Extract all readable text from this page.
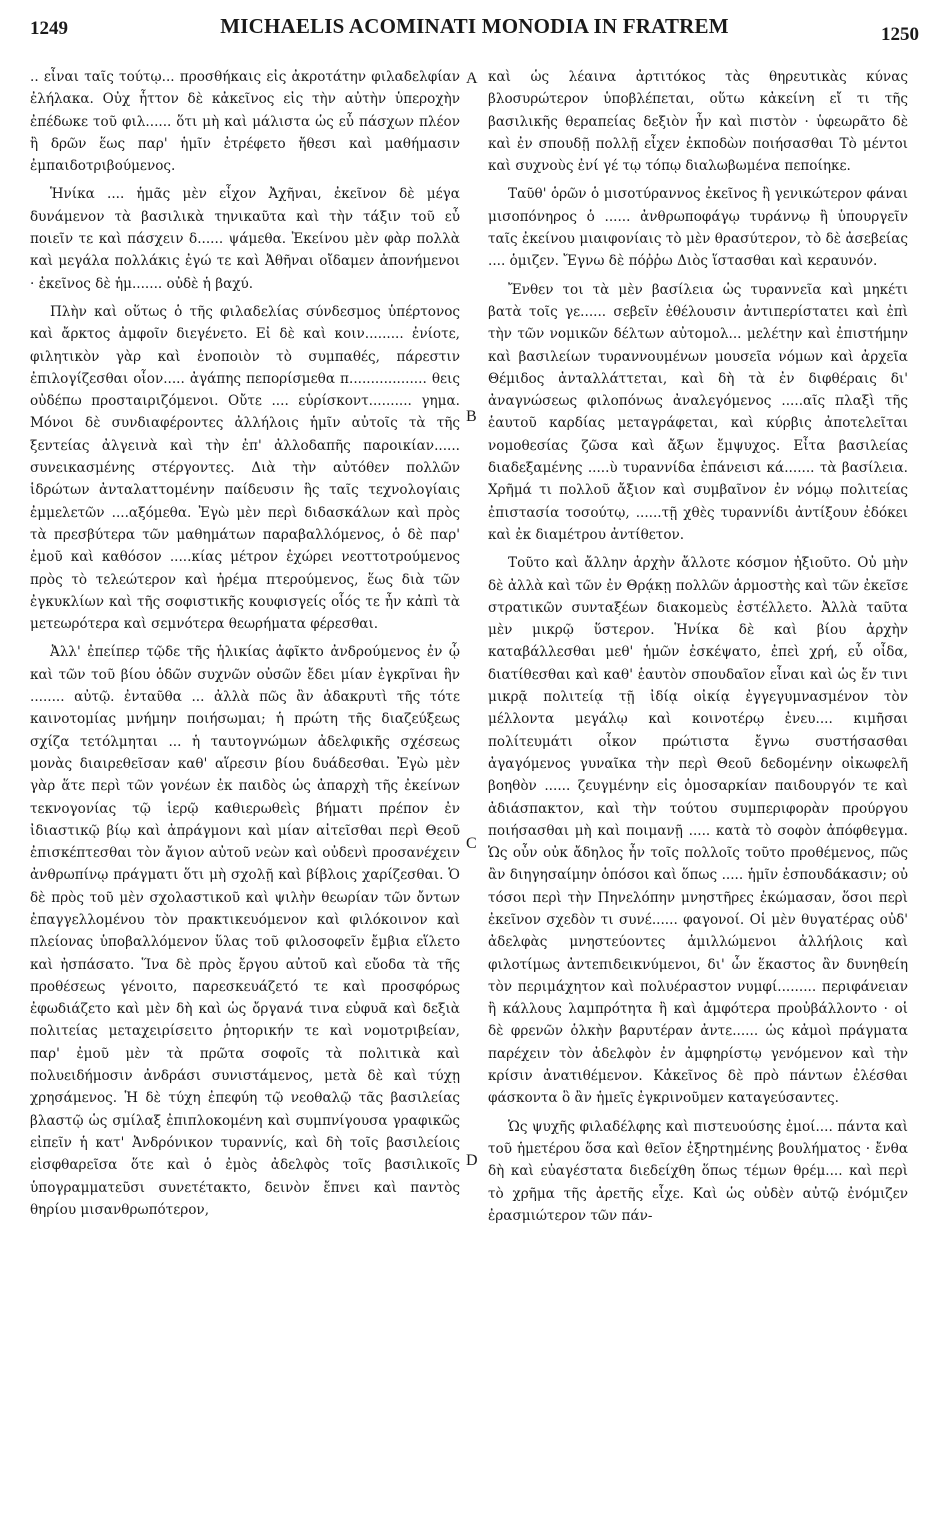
1249	MICHAELIS ACOMINATI MONODIA IN FRATREM	1250
A
B
C
D

.. εἶναι ταῖς τούτῳ... προσθήκαις εἰς ἀκροτάτην φιλαδελφίαν ἐλήλακα. Οὐχ ἧττον δὲ κἀκεῖνος εἰς τὴν αὐτὴν ὑπεροχὴν ἐπέδωκε τοῦ φιλ...... ὅτι μὴ καὶ μάλιστα ὡς εὖ πάσχων πλέον ἢ δρῶν ἕως παρ' ἡμῖν ἐτρέφετο ἤθεσι καὶ μαθήμασιν ἐμπαιδοτριβούμενος.

Ἡνίκα .... ἡμᾶς μὲν εἶχον Ἀχῆναι, ἐκεῖνον δὲ μέγα δυνάμενον τὰ βασιλικὰ τηνικαῦτα καὶ τὴν τάξιν τοῦ εὖ ποιεῖν τε καὶ πάσχειν δ...... ψάμεθα. Ἐκείνου μὲν φὰρ πολλὰ καὶ μεγάλα πολλάκις ἐγώ τε καὶ Ἀθῆναι οἴδαμεν ἀπονήμενοι · ἐκεῖνος δὲ ἡμ....... οὐδὲ ἡ βαχύ.

Πλὴν καὶ οὕτως ὁ τῆς φιλαδελίας σύνδεσμος ὑπέρτονος καὶ ἄρκτος ἀμφοῖν διεγένετο. Εἰ δὲ καὶ κοιν......... ἐνίοτε, φιλητικὸν γὰρ καὶ ἑνοποιὸν τὸ συμπαθές, πάρεστιν ἐπιλογίζεσθαι οἷον..... ἀγάπης πεπορίσμεθα π.................. θεις οὐδέπω προσταιριζόμενοι. Οὔτε .... εὑρίσκοντ.......... γημα. Μόνοι δὲ συνδιαφέροντες ἀλλήλοις ἡμῖν αὐτοῖς τὰ τῆς ξεντείας ἀλγεινὰ καὶ τὴν ἐπ' ἀλλοδαπῆς παροικίαν...... συνεικασμένης στέργοντες. Διὰ τὴν αὐτόθεν πολλῶν ἱδρώτων ἀνταλαττομένην παίδευσιν ἣς ταῖς τεχνολογίαις ἐμμελετῶν ....αξόμεθα. Ἐγὼ μὲν περὶ διδασκάλων καὶ πρὸς τὰ πρεσβύτερα τῶν μαθημάτων παραβαλλόμενος, ὁ δὲ παρ' ἐμοῦ καὶ καθόσον .....κίας μέτρον ἐχώρει νεοττοτρούμενος πρὸς τὸ τελεώτερον καὶ ἠρέμα πτερούμενος, ἕως διὰ τῶν ἐγκυκλίων καὶ τῆς σοφιστικῆς κουφισγείς οἷός τε ἦν κἀπὶ τὰ μετεωρότερα καὶ σεμνότερα θεωρήματα φέρεσθαι.

Ἀλλ' ἐπείπερ τῷδε τῆς ἡλικίας ἀφῖκτο ἀνδρούμενος ἐν ᾧ καὶ τῶν τοῦ βίου ὁδῶν συχνῶν οὐσῶν ἔδει μίαν ἐγκρῖναι ἣν ........ αὐτῷ. ἐνταῦθα ... ἀλλὰ πῶς ἂν ἀδακρυτὶ τῆς τότε καινοτομίας μνήμην ποιήσωμαι; ἡ πρώτη τῆς διαζεύξεως σχίζα τετόλμηται ... ἡ ταυτογνώμων ἀδελφικῆς σχέσεως μονὰς διαιρεθεῖσαν καθ' αἵρεσιν βίου δυάδεσθαι. Ἐγὼ μὲν γὰρ ἅτε περὶ τῶν γονέων ἐκ παιδὸς ὡς ἀπαρχὴ τῆς ἐκείνων τεκνογονίας τῷ ἱερῷ καθιερωθεὶς βήματι πρέπον ἐν ἰδιαστικῷ βίῳ καὶ ἀπράγμονι καὶ μίαν αἰτεῖσθαι περὶ Θεοῦ ἐπισκέπτεσθαι τὸν ἄγιον αὐτοῦ νεὼν καὶ οὐδενὶ προσανέχειν ἀνθρωπίνῳ πράγματι ὅτι μὴ σχολῇ καὶ βίβλοις χαρίζεσθαι. Ὁ δὲ πρὸς τοῦ μὲν σχολαστικοῦ καὶ ψιλὴν θεωρίαν τῶν ὄντων ἐπαγγελλομένου τὸν πρακτικευόμενον καὶ φιλόκοινον καὶ πλείονας ὑποβαλλόμενον ὕλας τοῦ φιλοσοφεῖν ἔμβια εἵλετο καὶ ἠσπάσατο. Ἵνα δὲ πρὸς ἔργου αὐτοῦ καὶ εὔοδα τὰ τῆς προθέσεως γένοιτο, παρεσκευάζετό τε καὶ προσφόρως ἐφωδιάζετο καὶ μὲν δὴ καὶ ὡς ὄργανά τινα εὐφυᾶ καὶ δεξιὰ πολιτείας μεταχειρίσειτο ῥητορικήν τε καὶ νομοτριβείαν, παρ' ἐμοῦ μὲν τὰ πρῶτα σοφοῖς τὰ πολιτικὰ καὶ πολυειδήμοσιν ἀνδράσι συνιστάμενος, μετὰ δὲ καὶ τύχῃ χρησάμενος. Ἡ δὲ τύχη ἐπεφύη τῷ νεοθαλῷ τᾶς βασιλείας βλαστῷ ὡς σμίλαξ ἐπιπλοκομένη καὶ συμπνίγουσα γραφικῶς εἰπεῖν ἡ κατ' Ἀνδρόνικον τυραννίς, καὶ δὴ τοῖς βασιλείοις εἰσφθαρεῖσα ὅτε καὶ ὁ ἐμὸς ἀδελφὸς τοῖς βασιλικοῖς ὑπογραμματεῦσι συνετέτακτο, δεινὸν ἔπνει καὶ παντὸς θηρίου μισανθρωπότερον,

καὶ ὡς λέαινα ἀρτιτόκος τὰς θηρευτικὰς κύνας βλοσυρώτερον ὑποβλέπεται, οὕτω κἀκείνη εἴ τι τῆς βασιλικῆς θεραπείας δεξιὸν ἦν καὶ πιστὸν · ὑφεωρᾶτο δὲ καὶ ἐν σπουδῇ πολλῇ εἶχεν ἐκποδὼν ποιήσασθαι Τὸ μέντοι καὶ συχνοὺς ἐνί γέ τῳ τόπῳ διαλωβωμένα πεποίηκε.

Ταῦθ' ὁρῶν ὁ μισοτύραννος ἐκεῖνος ἢ γενικώτερον φάναι μισοπόνηρος ὁ ...... ἀνθρωποφάγῳ τυράννῳ ἢ ὑπουργεῖν ταῖς ἐκείνου μιαιφονίαις τὸ μὲν θρασύτερον, τὸ δὲ ἀσεβείας .... ὁμιζεν. Ἔγνω δὲ πόῤῥω Διὸς ἵστασθαι καὶ κεραυνόν.

Ἔνθεν τοι τὰ μὲν βασίλεια ὡς τυραννεῖα καὶ μηκέτι βατὰ τοῖς γε...... σεβεῖν ἐθέλουσιν ἀντιπερίστατει καὶ ἐπὶ τὴν τῶν νομικῶν δέλτων αὐτομολ... μελέτην καὶ ἐπιστήμην καὶ βασιλείων τυραννουμένων μουσεῖα νόμων καὶ ἀρχεῖα Θέμιδος ἀνταλλάττεται, καὶ δὴ τὰ ἐν διφθέραις δι' ἀναγνώσεως φιλοπόνως ἀναλεγόμενος .....αῖς πλαξὶ τῆς ἑαυτοῦ καρδίας μεταγράφεται, καὶ κύρβις ἀποτελεῖται νομοθεσίας ζῶσα καὶ ἄξων ἔμψυχος. Εἶτα βασιλείας διαδεξαμένης .....ὺ τυραννίδα ἐπάνεισι κά....... τὰ βασίλεια. Χρῆμά τι πολλοῦ ἄξιον καὶ συμβαῖνον ἐν νόμῳ πολιτείας ἐπιστασία τοσούτῳ, ......τῇ χθὲς τυραννίδι ἀντίξουν ἐδόκει καὶ ἐκ διαμέτρου ἀντίθετον.

Τοῦτο καὶ ἄλλην ἀρχὴν ἄλλοτε κόσμον ἠξιοῦτο. Οὐ μὴν δὲ ἀλλὰ καὶ τῶν ἐν Θρᾴκῃ πολλῶν ἁρμοστὴς καὶ τῶν ἐκεῖσε στρατικῶν συνταξέων διακομεὺς ἐστέλλετο. Ἀλλὰ ταῦτα μὲν μικρῷ ὕστερον. Ἡνίκα δὲ καὶ βίου ἀρχὴν καταβάλλεσθαι μεθ' ἡμῶν ἐσκέψατο, ἐπεὶ χρή, εὖ οἶδα, διατίθεσθαι καὶ καθ' ἑαυτὸν σπουδαῖον εἶναι καὶ ὡς ἔν τινι μικρᾷ πολιτείᾳ τῇ ἰδίᾳ οἰκίᾳ ἐγγεγυμνασμένον τὸν μέλλοντα μεγάλῳ καὶ κοινοτέρῳ ἐνευ.... κιμῆσαι πολίτευμάτι οἶκον πρώτιστα ἔγνω συστήσασθαι ἀγαγόμενος γυναῖκα τὴν περὶ Θεοῦ δεδομένην οἰκωφελῆ βοηθὸν ...... ζευγμένην εἰς ὁμοσαρκίαν παιδουργόν τε καὶ ἀδιάσπακτον, καὶ τὴν τούτου συμπεριφορὰν πρoύργου ποιήσασθαι μὴ καὶ ποιμανῇ ..... κατὰ τὸ σοφὸν ἀπόφθεγμα. Ὡς οὖν οὐκ ἄδηλος ἦν τοῖς πολλοῖς τοῦτο προθέμενος, πῶς ἂν διηγησαίμην ὁπόσοι καὶ ὅπως ..... ἡμῖν ἐσπουδάκασιν; οὐ τόσοι περὶ τὴν Πηνελόπην μνηστῆρες ἐκώμασαν, ὅσοι περὶ ἐκεῖνον σχεδὸν τι συνέ...... φαγονοί. Οἱ μὲν θυγατέρας οὐδ' ἀδελφὰς μνηστεύοντες ἁμιλλώμενοι ἀλλήλοις καὶ φιλοτίμως ἀντεπιδεικνύμενοι, δι' ὧν ἕκαστος ἂν δυνηθείη τὸν περιμάχητον καὶ πολυέραστον νυμφί......... περιφάνειαν ἢ κάλλους λαμπρότητα ἢ καὶ ἀμφότερα προὐβάλλοντο · οἱ δὲ φρενῶν ὁλκὴν βαρυτέραν ἀντε...... ὡς κἀμοὶ πράγματα παρέχειν τὸν ἀδελφὸν ἐν ἀμφηρίστῳ γενόμενον καὶ τὴν κρίσιν ἀνατιθέμενον. Κἀκεῖνος δὲ πρὸ πάντων ἐλέσθαι φάσκοντα ὃ ἂν ἡμεῖς ἐγκρινοῦμεν καταγεύσαντες.

Ὡς ψυχῆς φιλαδέλφης καὶ πιστευούσης ἐμοί.... πάντα καὶ τοῦ ἡμετέρου ὅσα καὶ θεῖον ἐξηρτημένης βουλήματος · ἔνθα δὴ καὶ εὐαγέστατα διεδείχθη ὅπως τέμων θρέμ.... καὶ περὶ τὸ χρῆμα τῆς ἀρετῆς εἶχε. Καὶ ὡς οὐδὲν αὐτῷ ἐνόμιζεν ἐρασμιώτερον τῶν πάν-
